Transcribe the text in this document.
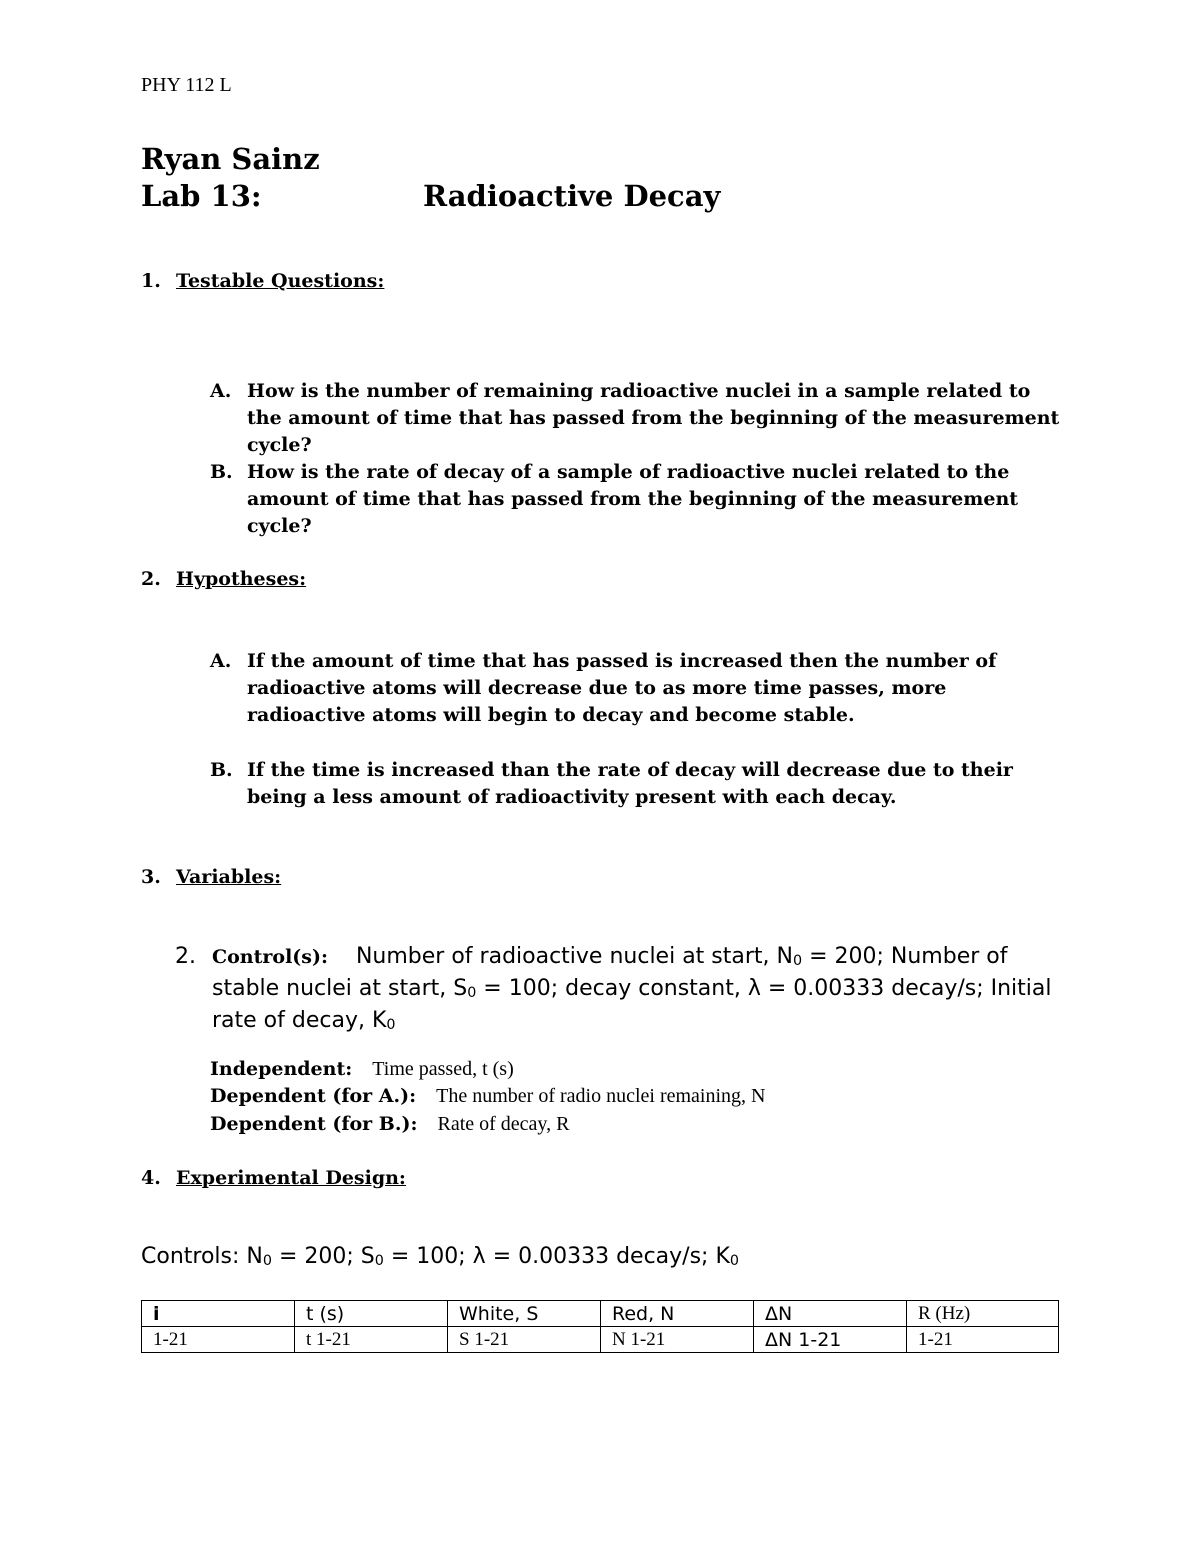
PHY 112 L
Ryan Sainz
Lab 13:	Radioactive Decay
1. Testable Questions:
A. How is the number of remaining radioactive nuclei in a sample related to the amount of time that has passed from the beginning of the measurement cycle?
B. How is the rate of decay of a sample of radioactive nuclei related to the amount of time that has passed from the beginning of the measurement cycle?
2. Hypotheses:
A. If the amount of time that has passed is increased then the number of radioactive atoms will decrease due to as more time passes, more radioactive atoms will begin to decay and become stable.
B. If the time is increased than the rate of decay will decrease due to their being a less amount of radioactivity present with each decay.
3. Variables:
2. Control(s): Number of radioactive nuclei at start, $N_0 = 200$; Number of stable nuclei at start, $S_0 = 100$; decay constant, λ = 0.00333 decay/s; Initial rate of decay, $K_0$
Independent: Time passed, t (s)
Dependent (for A.): The number of radio nuclei remaining, N
Dependent (for B.): Rate of decay, R
4. Experimental Design:
Controls: $N_0 = 200$; $S_0 = 100$; λ = 0.00333 decay/s; $K_0$
i	t (s)	White, S	Red, N	ΔN	R (Hz)
1-21	t 1-21	S 1-21	N 1-21	ΔN 1-21	1-21
